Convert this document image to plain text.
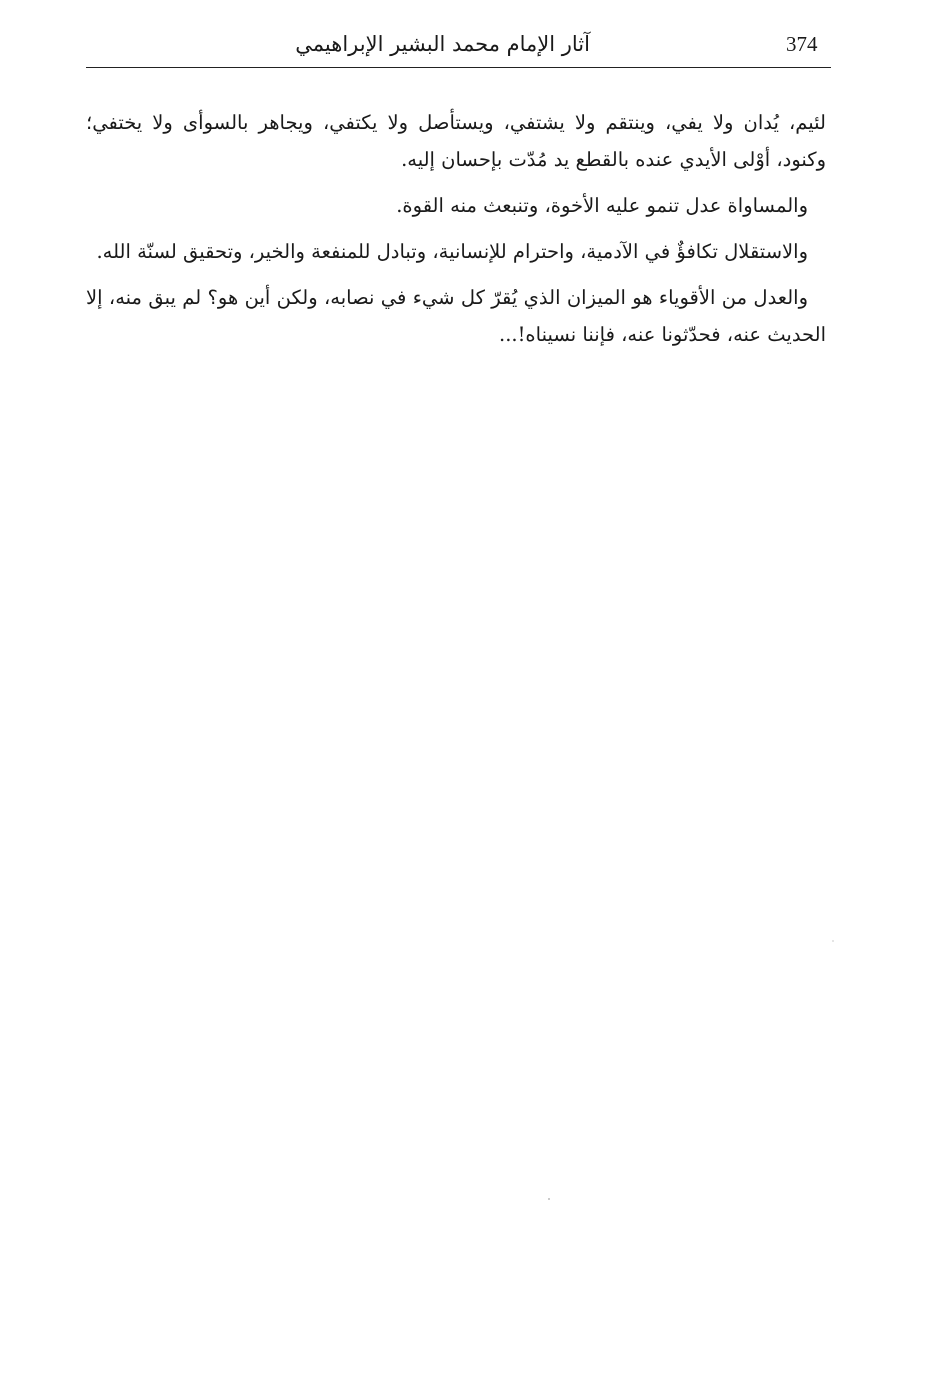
آثار الإمام محمد البشير الإبراهيمي	374

لئيم، يُدان ولا يفي، وينتقم ولا يشتفي، ويستأصل ولا يكتفي، ويجاهر بالسوأى ولا يختفي؛ وكنود، أوْلى الأيدي عنده بالقطع يد مُدّت بإحسان إليه.

والمساواة عدل تنمو عليه الأخوة، وتنبعث منه القوة.

والاستقلال تكافؤٌ في الآدمية، واحترام للإنسانية، وتبادل للمنفعة والخير، وتحقيق لسنّة الله.

والعدل من الأقوياء هو الميزان الذي يُقرّ كل شيء في نصابه، ولكن أين هو؟ لم يبق منه، إلا الحديث عنه، فحدّثونا عنه، فإننا نسيناه!...
